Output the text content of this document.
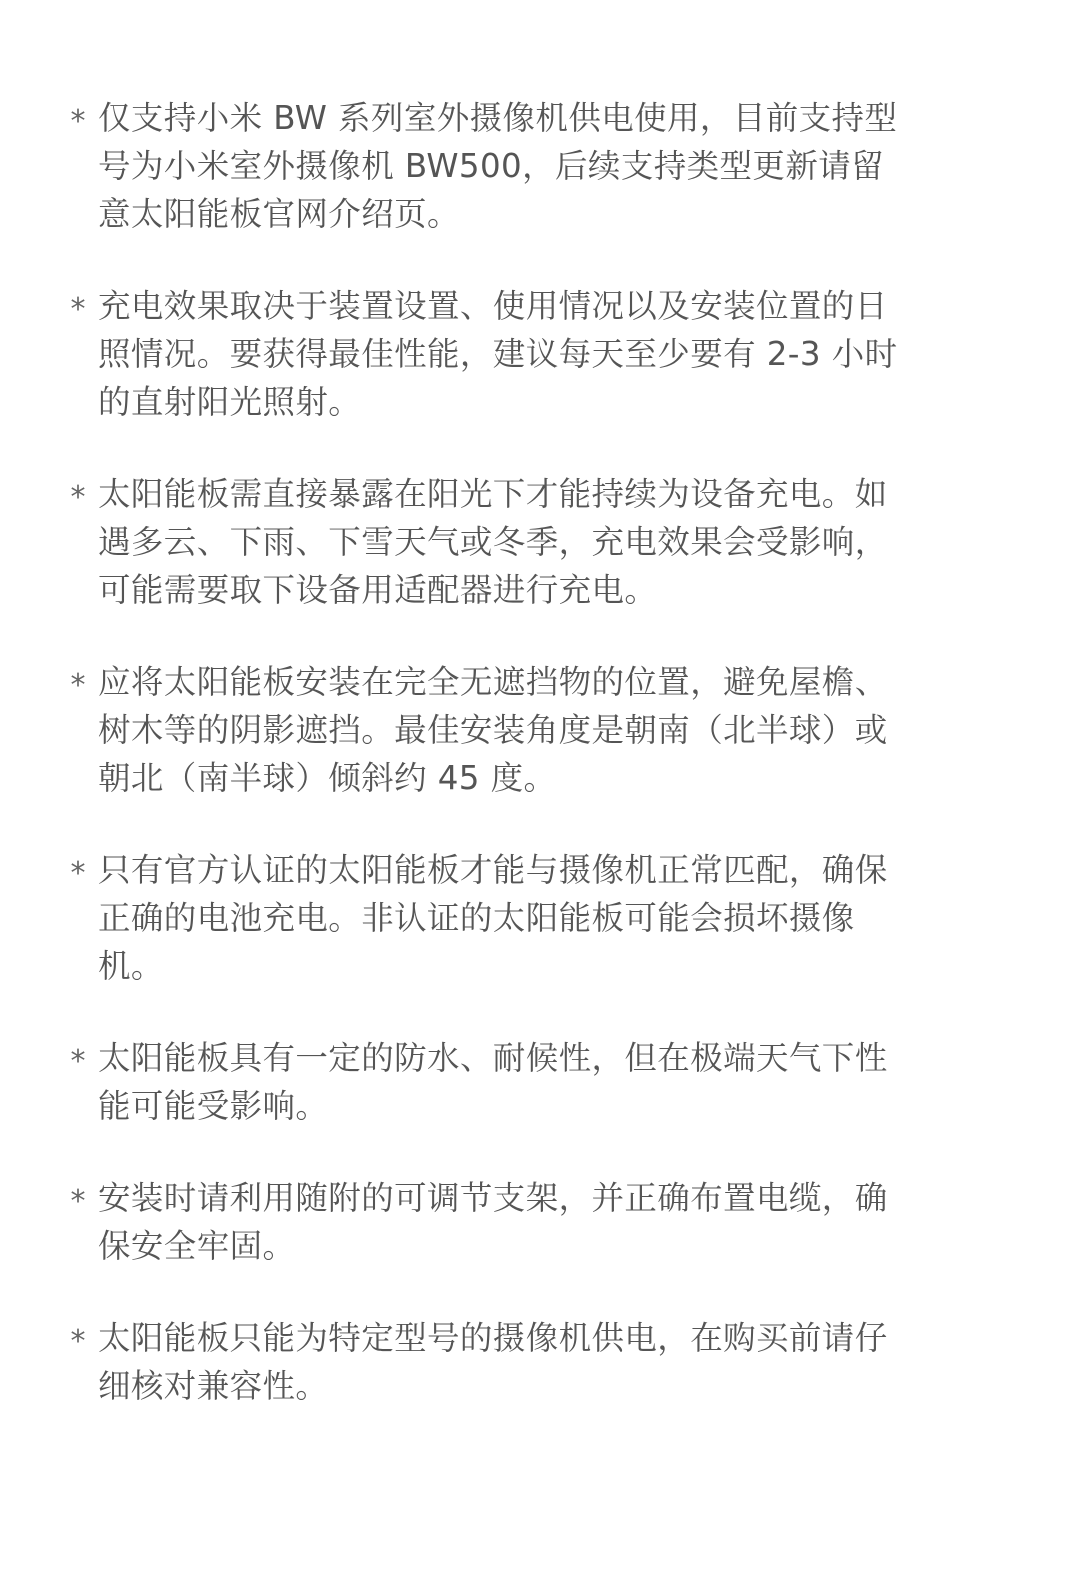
* 仅支持小米 BW 系列室外摄像机供电使用，目前支持型
号为小米室外摄像机 BW500，后续支持类型更新请留
意太阳能板官网介绍页。
* 充电效果取决于装置设置、使用情况以及安装位置的日
照情况。要获得最佳性能，建议每天至少要有 2-3 小时
的直射阳光照射。
* 太阳能板需直接暴露在阳光下才能持续为设备充电。如
遇多云、下雨、下雪天气或冬季，充电效果会受影响，
可能需要取下设备用适配器进行充电。
* 应将太阳能板安装在完全无遮挡物的位置，避免屋檐、
树木等的阴影遮挡。最佳安装角度是朝南（北半球）或
朝北（南半球）倾斜约 45 度。
* 只有官方认证的太阳能板才能与摄像机正常匹配，确保
正确的电池充电。非认证的太阳能板可能会损坏摄像
机。
* 太阳能板具有一定的防水、耐候性，但在极端天气下性
能可能受影响。
* 安装时请利用随附的可调节支架，并正确布置电缆，确
保安全牢固。
* 太阳能板只能为特定型号的摄像机供电，在购买前请仔
细核对兼容性。
